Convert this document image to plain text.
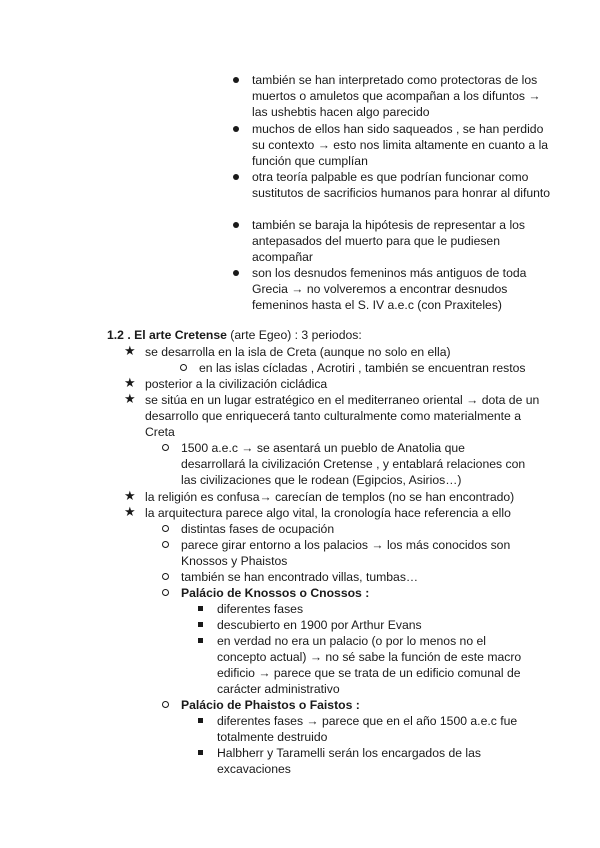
también se han interpretado como protectoras de los muertos o amuletos que acompañan a los difuntos → las ushebtis hacen algo parecido
muchos de ellos han sido saqueados , se han perdido su contexto → esto nos limita altamente en cuanto a la función que cumplían
otra teoría palpable es que podrían funcionar como sustitutos de sacrificios humanos para honrar al difunto
también se baraja la hipótesis de representar a los antepasados del muerto para que le pudiesen acompañar
son los desnudos femeninos más antiguos de toda Grecia → no volveremos a encontrar desnudos femeninos hasta el S. IV a.e.c (con Praxiteles)
1.2 . El arte Cretense (arte Egeo) : 3 periodos:
★ se desarrolla en la isla de Creta (aunque no solo en ella)
en las islas cícladas , Acrotiri , también se encuentran restos
★ posterior a la civilización cicládica
★ se sitúa en un lugar estratégico en el mediterraneo oriental → dota de un desarrollo que enriquecerá tanto culturalmente como materialmente a Creta
1500 a.e.c → se asentará un pueblo de Anatolia que desarrollará la civilización Cretense , y entablará relaciones con las civilizaciones que le rodean (Egipcios, Asirios…)
★ la religión es confusa→ carecían de templos (no se han encontrado)
★ la arquitectura parece algo vital, la cronología hace referencia a ello
distintas fases de ocupación
parece girar entorno a los palacios → los más conocidos son Knossos y Phaistos
también se han encontrado villas, tumbas…
Palácio de Knossos o Cnossos :
diferentes fases
descubierto en 1900 por Arthur Evans
en verdad no era un palacio (o por lo menos no el concepto actual) → no sé sabe la función de este macro edificio → parece que se trata de un edificio comunal de carácter administrativo
Palácio de Phaistos o Faistos :
diferentes fases → parece que en el año 1500 a.e.c fue totalmente destruido
Halbherr y Taramelli serán los encargados de las excavaciones
